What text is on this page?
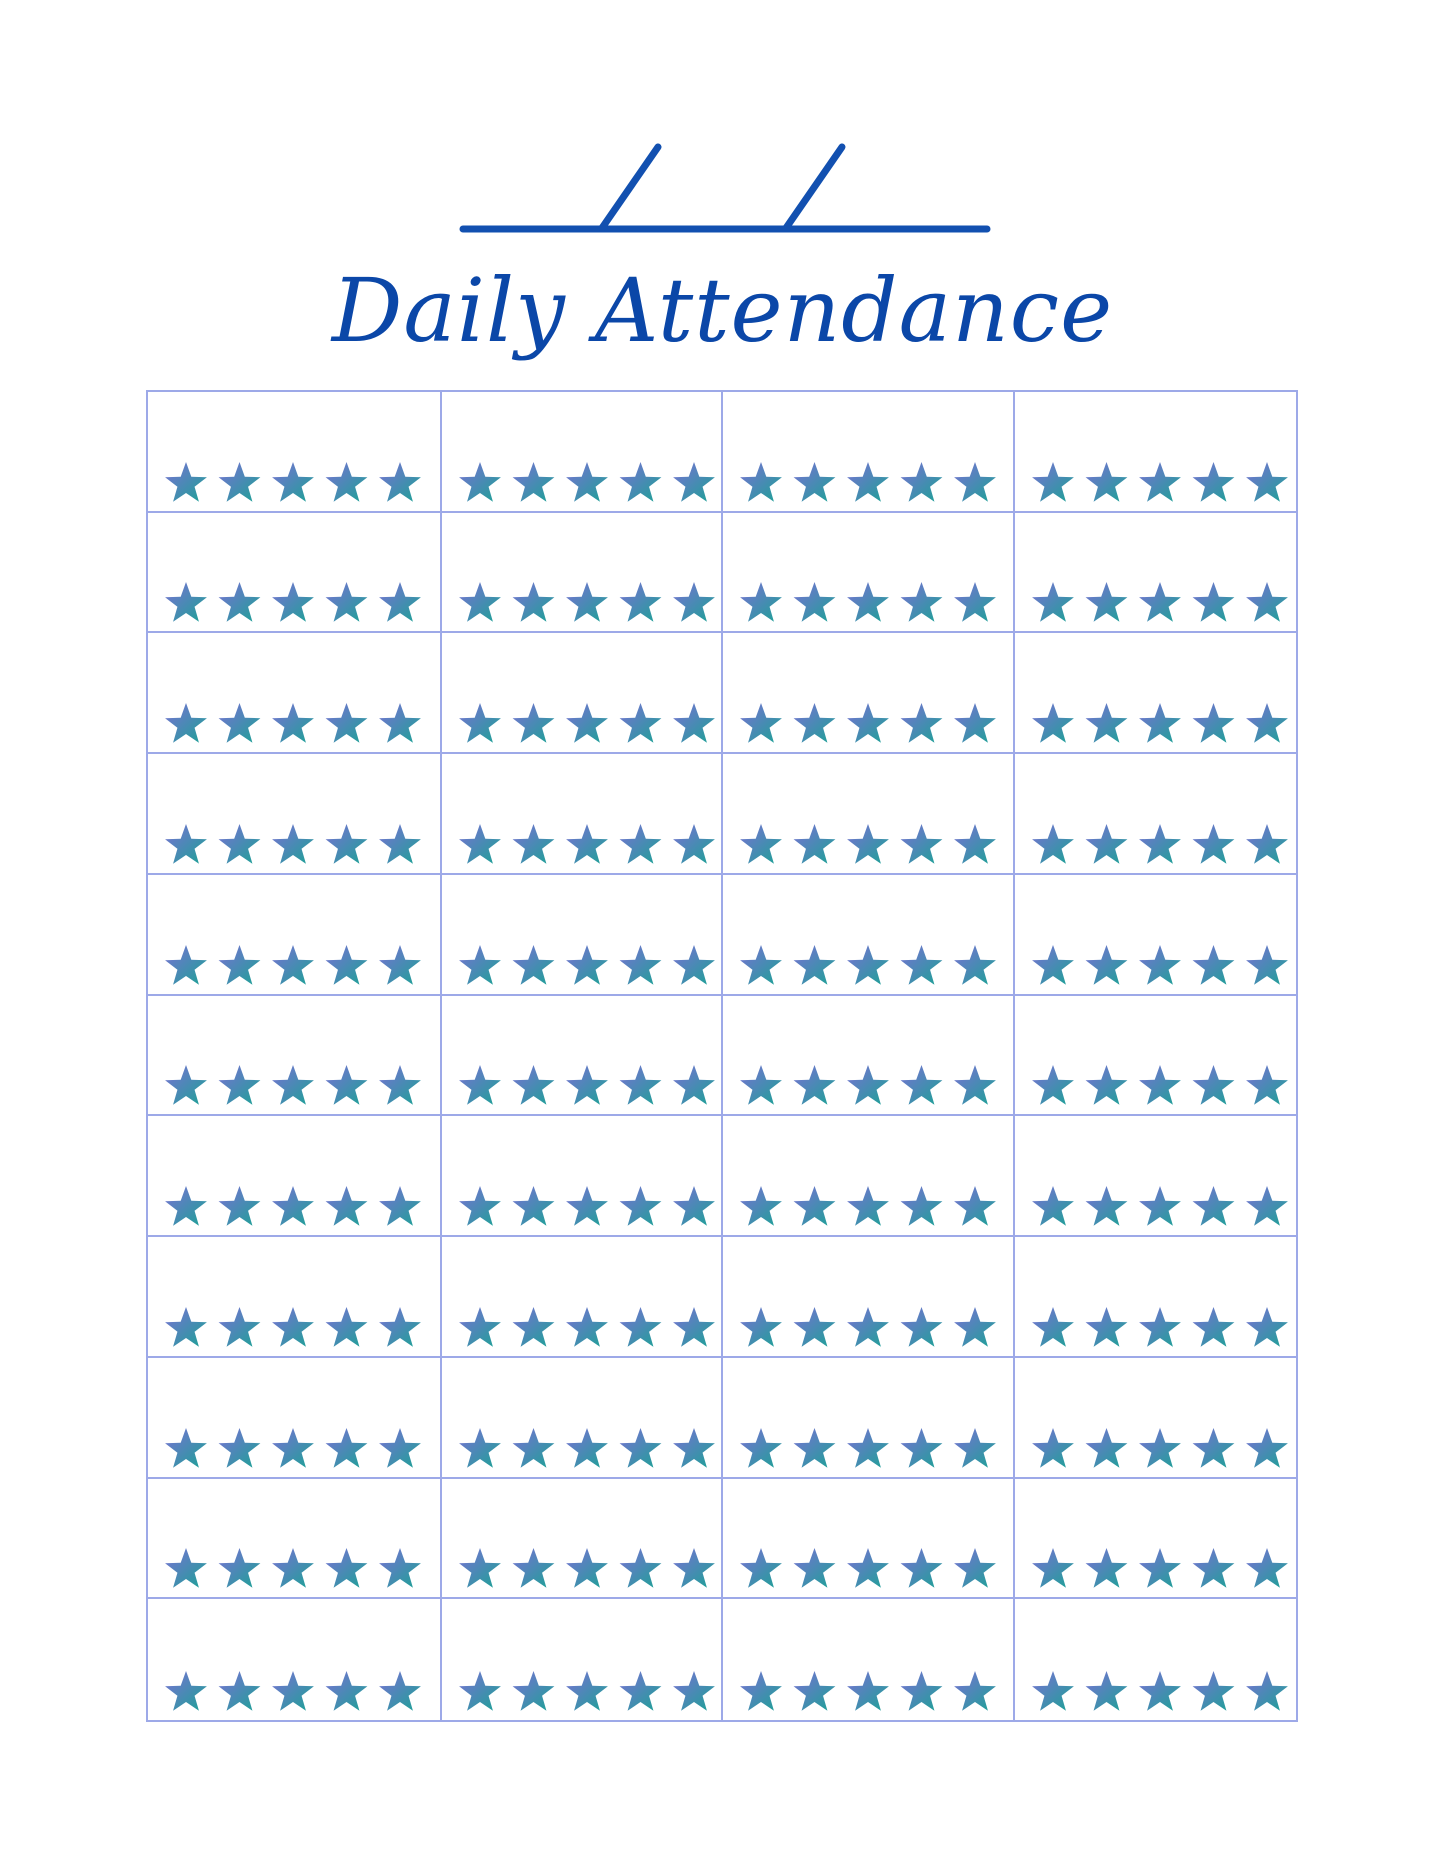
Daily Attendance
